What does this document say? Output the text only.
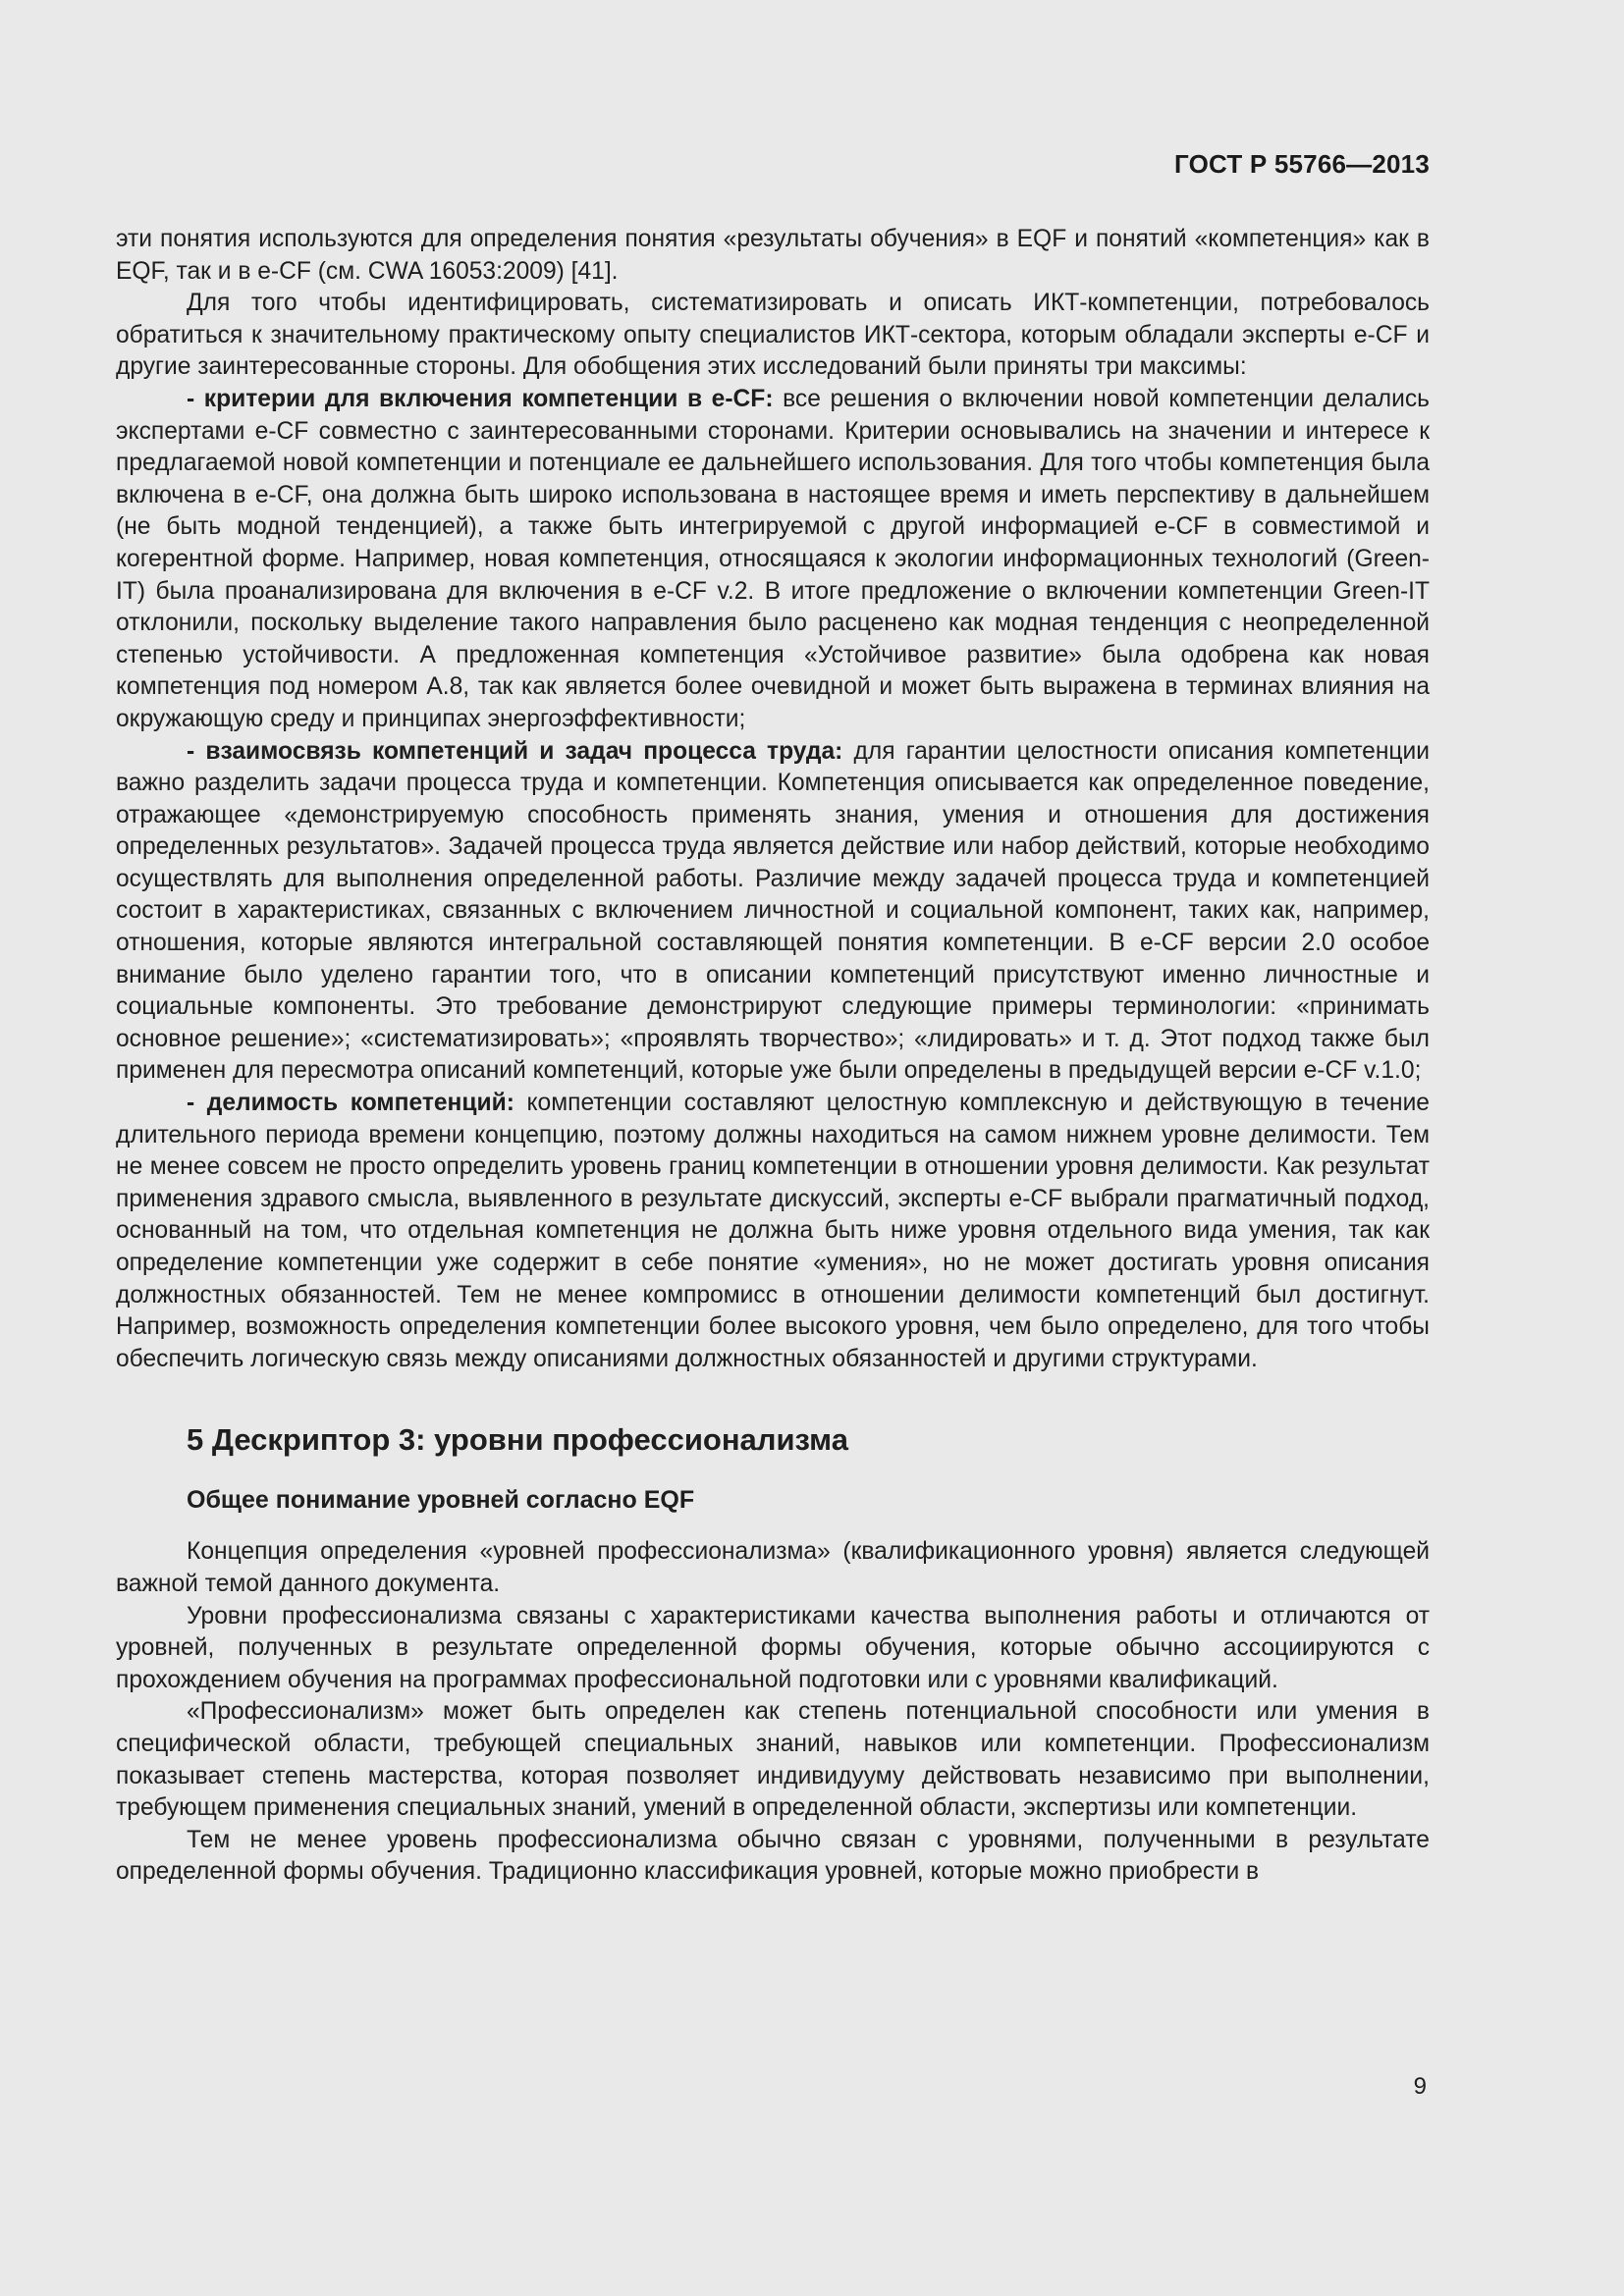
ГОСТ Р 55766—2013

эти понятия используются для определения понятия «результаты обучения» в EQF и понятий «компетенция» как в EQF, так и в e-CF (см. CWA 16053:2009) [41].

Для того чтобы идентифицировать, систематизировать и описать ИКТ-компетенции, потребовалось обратиться к значительному практическому опыту специалистов ИКТ-сектора, которым обладали эксперты e-CF и другие заинтересованные стороны. Для обобщения этих исследований были приняты три максимы:

- критерии для включения компетенции в e-CF: все решения о включении новой компетенции делались экспертами e-CF совместно с заинтересованными сторонами. Критерии основывались на значении и интересе к предлагаемой новой компетенции и потенциале ее дальнейшего использования. Для того чтобы компетенция была включена в e-CF, она должна быть широко использована в настоящее время и иметь перспективу в дальнейшем (не быть модной тенденцией), а также быть интегрируемой с другой информацией e-CF в совместимой и когерентной форме. Например, новая компетенция, относящаяся к экологии информационных технологий (Green-IT) была проанализирована для включения в e-CF v.2. В итоге предложение о включении компетенции Green-IT отклонили, поскольку выделение такого направления было расценено как модная тенденция с неопределенной степенью устойчивости. А предложенная компетенция «Устойчивое развитие» была одобрена как новая компетенция под номером А.8, так как является более очевидной и может быть выражена в терминах влияния на окружающую среду и принципах энергоэффективности;

- взаимосвязь компетенций и задач процесса труда: для гарантии целостности описания компетенции важно разделить задачи процесса труда и компетенции. Компетенция описывается как определенное поведение, отражающее «демонстрируемую способность применять знания, умения и отношения для достижения определенных результатов». Задачей процесса труда является действие или набор действий, которые необходимо осуществлять для выполнения определенной работы. Различие между задачей процесса труда и компетенцией состоит в характеристиках, связанных с включением личностной и социальной компонент, таких как, например, отношения, которые являются интегральной составляющей понятия компетенции. В e-CF версии 2.0 особое внимание было уделено гарантии того, что в описании компетенций присутствуют именно личностные и социальные компоненты. Это требование демонстрируют следующие примеры терминологии: «принимать основное решение»; «систематизировать»; «проявлять творчество»; «лидировать» и т. д. Этот подход также был применен для пересмотра описаний компетенций, которые уже были определены в предыдущей версии e-CF v.1.0;

- делимость компетенций: компетенции составляют целостную комплексную и действующую в течение длительного периода времени концепцию, поэтому должны находиться на самом нижнем уровне делимости. Тем не менее совсем не просто определить уровень границ компетенции в отношении уровня делимости. Как результат применения здравого смысла, выявленного в результате дискуссий, эксперты e-CF выбрали прагматичный подход, основанный на том, что отдельная компетенция не должна быть ниже уровня отдельного вида умения, так как определение компетенции уже содержит в себе понятие «умения», но не может достигать уровня описания должностных обязанностей. Тем не менее компромисс в отношении делимости компетенций был достигнут. Например, возможность определения компетенции более высокого уровня, чем было определено, для того чтобы обеспечить логическую связь между описаниями должностных обязанностей и другими структурами.

5 Дескриптор 3: уровни профессионализма
Общее понимание уровней согласно EQF

Концепция определения «уровней профессионализма» (квалификационного уровня) является следующей важной темой данного документа.

Уровни профессионализма связаны с характеристиками качества выполнения работы и отличаются от уровней, полученных в результате определенной формы обучения, которые обычно ассоциируются с прохождением обучения на программах профессиональной подготовки или с уровнями квалификаций.

«Профессионализм» может быть определен как степень потенциальной способности или умения в специфической области, требующей специальных знаний, навыков или компетенции. Профессионализм показывает степень мастерства, которая позволяет индивидууму действовать независимо при выполнении, требующем применения специальных знаний, умений в определенной области, экспертизы или компетенции.

Тем не менее уровень профессионализма обычно связан с уровнями, полученными в результате определенной формы обучения. Традиционно классификация уровней, которые можно приобрести в

9
